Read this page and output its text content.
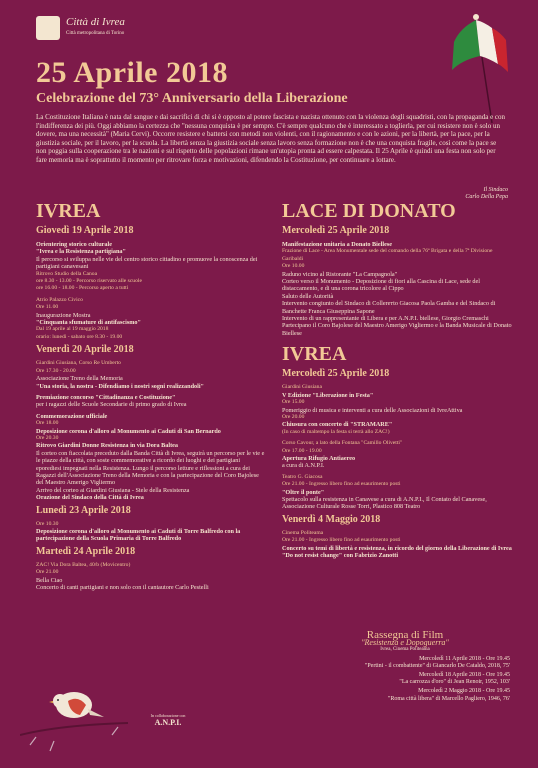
Città di Ivrea
Città metropolitana di Torino
25 Aprile 2018
Celebrazione del 73° Anniversario della Liberazione
La Costituzione Italiana è nata dal sangue e dai sacrifici di chi si è opposto al potere fascista e nazista ottenuto con la violenza degli squadristi, con la propaganda e con l'indifferenza dei più. Oggi abbiamo la certezza che "nessuna conquista è per sempre. C'è sempre qualcuno che è interessato a toglierla, per cui resistere non è solo un dovere, ma una necessità" (Maria Cervi). Occorre resistere e battersi con metodi non violenti, con il ragionamento e con le azioni, per la libertà, per la pace, per la giustizia sociale, per il lavoro, per la scuola. La libertà senza la giustizia sociale senza lavoro senza formazione non è che una conquista fragile, così come la pace se non poggia sulla cooperazione tra le nazioni e sul rispetto delle popolazioni rimane un'utopia pronta ad essere calpestata. Il 25 Aprile è quindi una festa non solo per fare memoria ma è soprattutto il momento per ritrovare forza e motivazioni, difendendo la Costituzione, per continuare a lottare.
Il Sindaco
Carlo Della Pepa
IVREA
Giovedì 19 Aprile 2018
Orientering storico culturale
"Ivrea e la Resistenza partigiana"
Il percorso si sviluppa nelle vie del centro storico cittadino e promuove la conoscenza dei partigiani canavesani
Ritrovo Studio della Canoa
ore 8.30 - 13.00 - Percorso riservato alle scuole
ore 16.00 - 18.00 - Percorso aperto a tutti
Atrio Palazzo Civico
Ore 11.00
Inaugurazione Mostra
"Cinquanta sfumature di antifascismo"
Dal 19 aprile al 19 maggio 2018
orario: lunedì - sabato ore 8.30 - 19.00
Venerdì 20 Aprile 2018
Giardini Giusiana, Corso Re Umberto
Ore 17.30 - 20.00
Associazione Treno della Memoria
"Una storia, la nostra - Difendiamo i nostri sogni realizzandoli"
Premiazione concorso "Cittadinanza e Costituzione"
per i ragazzi delle Scuole Secondarie di primo grado di Ivrea
Commemorazione ufficiale
Ore 18.00
Deposizione corona d'alloro al Monumento ai Caduti di San Bernardo
Ore 20.30
Ritrovo Giardini Donne Resistenza in via Dora Baltea
Il corteo con fiaccolata preceduto dalla Banda Città di Ivrea, seguirà un percorso per le vie e le piazze della città, con soste commemorative a ricordo dei luoghi e dei partigiani eporediesi impegnati nella Resistenza. Lungo il percorso letture e riflessioni a cura dei Ragazzi dell'Associazione Treno della Memoria e con la partecipazione del Coro Bajolese del Maestro Amerigo Vigliermo
Arrivo del corteo ai Giardini Giusiana - Stele della Resistenza
Orazione del Sindaco della Città di Ivrea
Lunedì 23 Aprile 2018
Ore 10.30
Deposizione corona d'alloro al Monumento ai Caduti di Torre Balfredo con la partecipazione della Scuola Primaria di Torre Balfredo
Martedì 24 Aprile 2018
ZAC! Via Dora Baltea, 40/b (Movicentro)
Ore 21.00
Bella Ciao
Concerto di canti partigiani e non solo con il cantautore Carlo Pestelli
LACE DI DONATO
Mercoledì 25 Aprile 2018
Manifestazione unitaria a Donato Biellese
Frazione di Lace - Area Monumentale sede del comando della 76ª Brigata e della 7ª Divisione Garibaldi
Ore 10.00
Raduno vicino al Ristorante "La Campagnola"
Corteo verso il Monumento - Deposizione di fiori alla Cascina di Lace, sede del distaccamento, e di una corona tricolore al Cippo
Saluto delle Autorità
Intervento congiunto del Sindaco di Collerетto Giacosa Paola Gamba e del Sindaco di Banchette Franca Giuseppina Sapone
Intervento di un rappresentante di Libera e per A.N.P.I. biellese, Giorgio Cremaschi
Partecipano il Coro Bajolese del Maestro Amerigo Vigliermo e la Banda Musicale di Donato Biellese
IVREA
Mercoledì 25 Aprile 2018
Giardini Giusiana
V Edizione "Liberazione in Festa"
Ore 15.00
Pomeriggio di musica e interventi a cura delle Associazioni di IvreAttiva
Ore 20.00
Chiusura con concerto di "STRAMARE"
(In caso di maltempo la festa si terrà allo ZAC!)
Corso Cavour, a lato della Fontana "Camillo Olivetti"
Ore 17.00 - 19.00
Apertura Rifugio Antiaereo
a cura di A.N.P.I.
Teatro G. Giacosa
Ore 21.00 - Ingresso libero fino ad esaurimento posti
"Oltre il ponte"
Spettacolo sulla resistenza in Canavese a cura di A.N.P.I., Il Contato del Canavese, Associazione Culturale Rosse Torri, Plastico 808 Teatro
Venerdì 4 Maggio 2018
Cinema Politeama
Ore 21.00 - Ingresso libero fino ad esaurimento posti
Concerto su temi di libertà e resistenza, in ricordo del giorno della Liberazione di Ivrea
"Do not resist change" con Fabrizio Zanotti
Rassegna di Film
"Resistenza e Dopoguerra"
Ivrea, Cinema Politeama
Mercoledì 11 Aprile 2018 - Ore 19.45
"Pertini - il combattente" di Giancarlo De Cataldo, 2018, 75'
Mercoledì 18 Aprile 2018 - Ore 19.45
"La carrozza d'oro" di Jean Renoir, 1952, 103'
Mercoledì 2 Maggio 2018 - Ore 19.45
"Roma città libera" di Marcello Pagliero, 1946, 76'
In collaborazione con
A.N.P.I.
